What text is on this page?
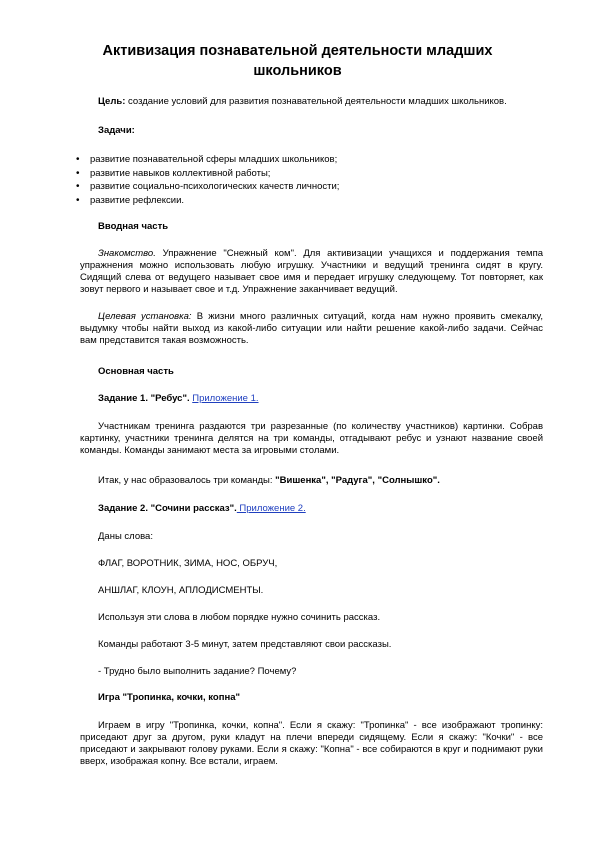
Активизация познавательной деятельности младших школьников
Цель: создание условий для развития познавательной деятельности младших школьников.
Задачи:
• развитие познавательной сферы младших школьников;
• развитие навыков коллективной работы;
• развитие социально-психологических качеств личности;
• развитие рефлексии.
Вводная часть
Знакомство. Упражнение "Снежный ком". Для активизации учащихся и поддержания темпа упражнения можно использовать любую игрушку. Участники и ведущий тренинга сидят в кругу. Сидящий слева от ведущего называет свое имя и передает игрушку следующему. Тот повторяет, как зовут первого и называет свое и т.д. Упражнение заканчивает ведущий.
Целевая установка: В жизни много различных ситуаций, когда нам нужно проявить смекалку, выдумку чтобы найти выход из какой-либо ситуации или найти решение какой-либо задачи. Сейчас вам представится такая возможность.
Основная часть
Задание 1. "Ребус". Приложение 1.
Участникам тренинга раздаются три разрезанные (по количеству участников) картинки. Собрав картинку, участники тренинга делятся на три команды, отгадывают ребус и узнают название своей команды. Команды занимают места за игровыми столами.
Итак, у нас образовалось три команды: "Вишенка", "Радуга", "Солнышко".
Задание 2. "Сочини рассказ". Приложение 2.
Даны слова:
ФЛАГ, ВОРОТНИК, ЗИМА, НОС, ОБРУЧ,
АНШЛАГ, КЛОУН, АПЛОДИСМЕНТЫ.
Используя эти слова в любом порядке нужно сочинить рассказ.
Команды работают 3-5 минут, затем представляют свои рассказы.
- Трудно было выполнить задание? Почему?
Игра "Тропинка, кочки, копна"
Играем в игру "Тропинка, кочки, копна". Если я скажу: "Тропинка" - все изображают тропинку: приседают друг за другом, руки кладут на плечи впереди сидящему. Если я скажу: "Кочки" - все приседают и закрывают голову руками. Если я скажу: "Копна" - все собираются в круг и поднимают руки вверх, изображая копну. Все встали, играем.
